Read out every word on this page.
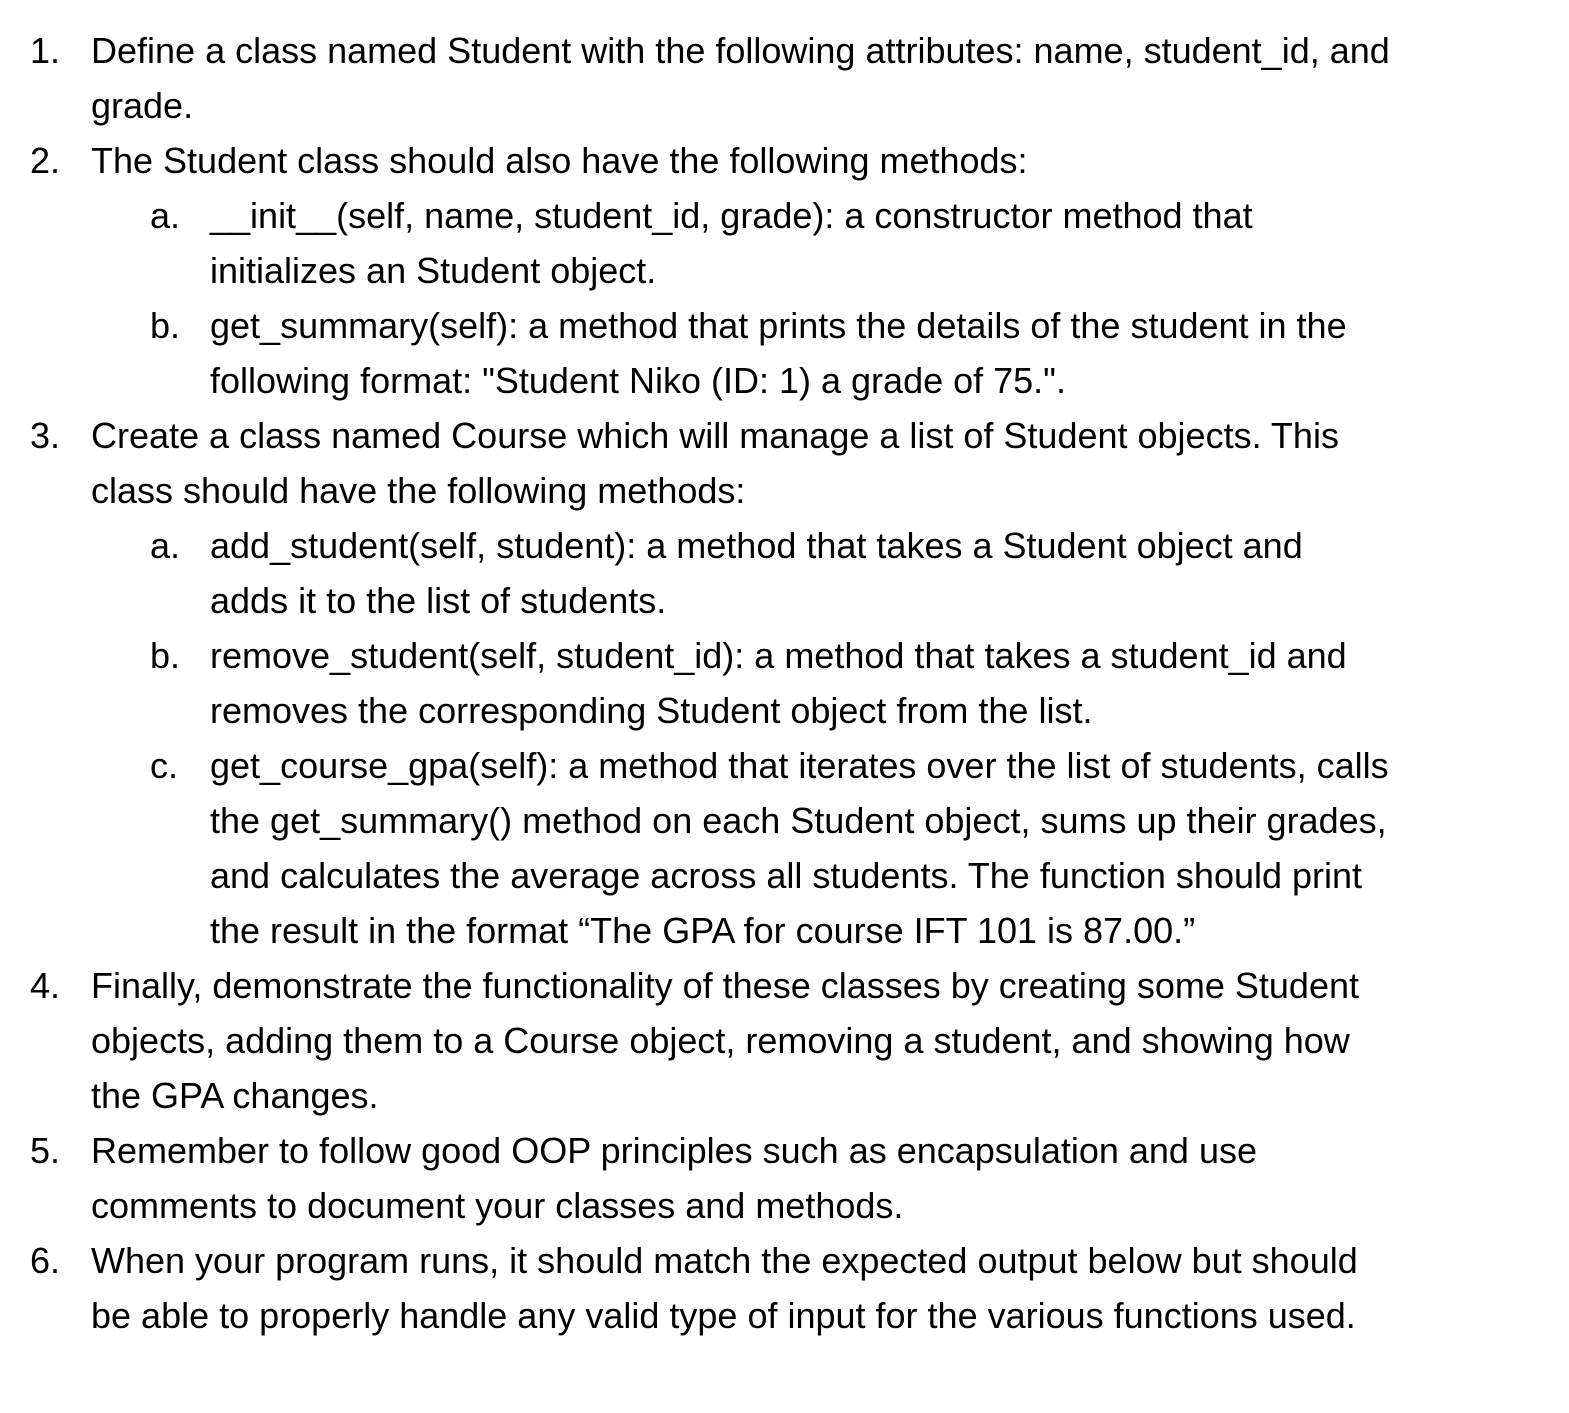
1. Define a class named Student with the following attributes: name, student_id, and grade.
2. The Student class should also have the following methods:
a. __init__(self, name, student_id, grade): a constructor method that initializes an Student object.
b. get_summary(self): a method that prints the details of the student in the following format: "Student Niko (ID: 1) a grade of 75.".
3. Create a class named Course which will manage a list of Student objects. This class should have the following methods:
a. add_student(self, student): a method that takes a Student object and adds it to the list of students.
b. remove_student(self, student_id): a method that takes a student_id and removes the corresponding Student object from the list.
c. get_course_gpa(self): a method that iterates over the list of students, calls the get_summary() method on each Student object, sums up their grades, and calculates the average across all students. The function should print the result in the format “The GPA for course IFT 101 is 87.00.”
4. Finally, demonstrate the functionality of these classes by creating some Student objects, adding them to a Course object, removing a student, and showing how the GPA changes.
5. Remember to follow good OOP principles such as encapsulation and use comments to document your classes and methods.
6. When your program runs, it should match the expected output below but should be able to properly handle any valid type of input for the various functions used.
